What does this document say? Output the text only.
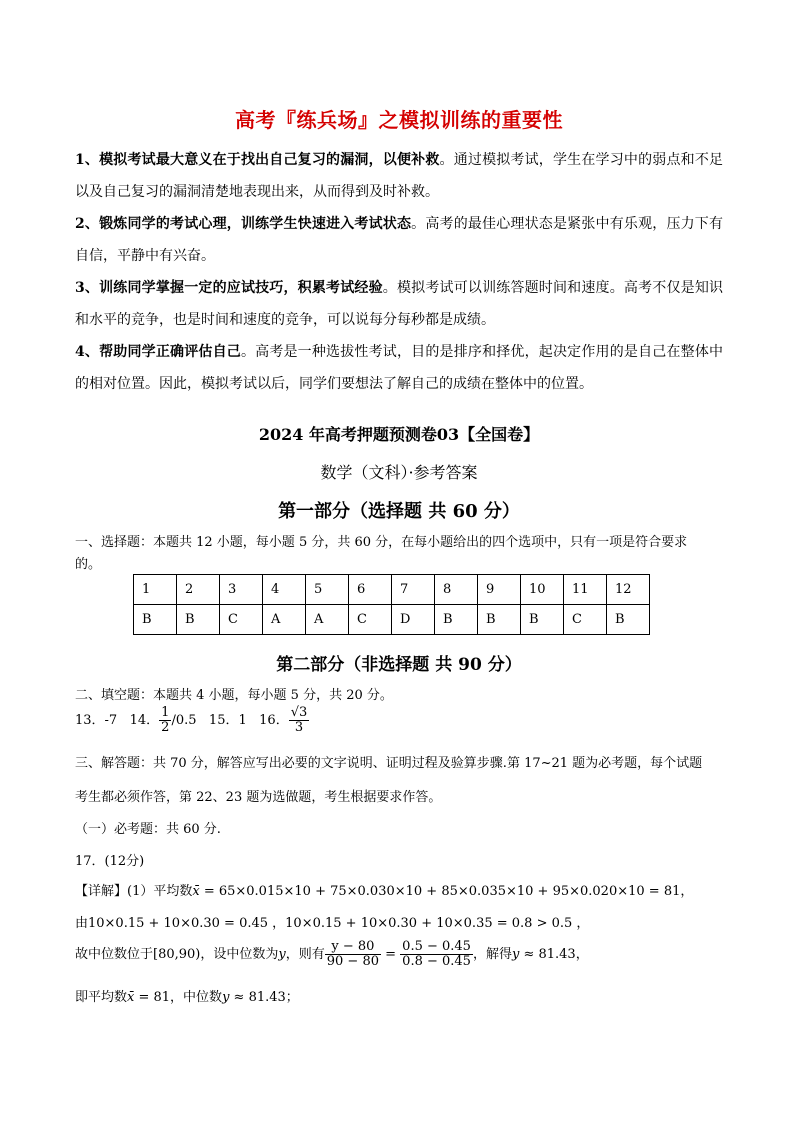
高考『练兵场』之模拟训练的重要性

1、模拟考试最大意义在于找出自己复习的漏洞，以便补救。通过模拟考试，学生在学习中的弱点和不足以及自己复习的漏洞清楚地表现出来，从而得到及时补救。

2、锻炼同学的考试心理，训练学生快速进入考试状态。高考的最佳心理状态是紧张中有乐观，压力下有自信，平静中有兴奋。

3、训练同学掌握一定的应试技巧，积累考试经验。模拟考试可以训练答题时间和速度。高考不仅是知识和水平的竞争，也是时间和速度的竞争，可以说每分每秒都是成绩。

4、帮助同学正确评估自己。高考是一种选拔性考试，目的是排序和择优，起决定作用的是自己在整体中的相对位置。因此，模拟考试以后，同学们要想法了解自己的成绩在整体中的位置。

2024 年高考押题预测卷03【全国卷】
数学（文科）·参考答案
第一部分（选择题 共 60 分）
一、选择题：本题共 12 小题，每小题 5 分，共 60 分，在每小题给出的四个选项中，只有一项是符合要求
的。
1	2	3	4	5	6	7	8	9	10	11	12
B	B	C	A	A	C	D	B	B	B	C	B
第二部分（非选择题 共 90 分）
二、填空题：本题共 4 小题，每小题 5 分，共 20 分。
13．-7 14． $\frac{1}{2} /0.5$ 15．1 16． $\frac{√3}{3}$
三、解答题：共 70 分，解答应写出必要的文字说明、证明过程及验算步骤.第 17~21 题为必考题，每个试题
考生都必须作答，第 22、23 题为选做题，考生根据要求作答。
（一）必考题：共 60 分.
17．(12分)
【详解】(1）平均数x̄ = 65×0.015×10 + 75×0.030×10 + 85×0.035×10 + 95×0.020×10 = 81，
由10×0.15 + 10×0.30 = 0.45 ，10×0.15 + 10×0.30 + 10×0.35 = 0.8 > 0.5 ，
故中位数位于[80,90)，设中位数为y，则有 $\frac{y - 80}{90 - 80} = \frac{0.5 - 0.45}{0.8 - 0.45}$ ，解得y ≈ 81.43，
即平均数x̄ = 81，中位数y ≈ 81.43；
